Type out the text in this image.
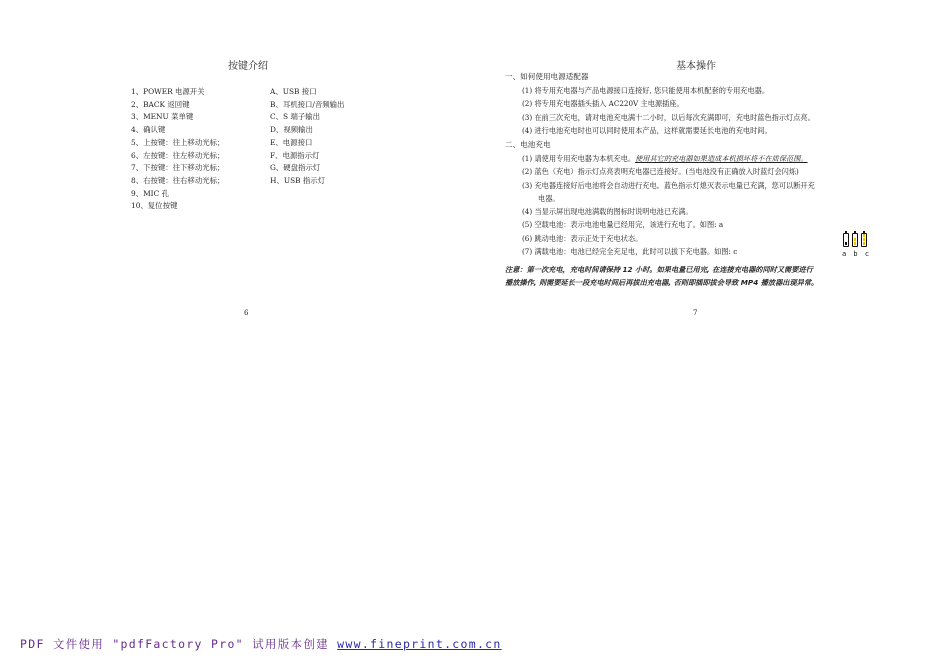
按键介绍
1、POWER 电源开关
2、BACK 返回键
3、MENU 菜单键
4、确认键
5、上按键：往上移动光标；
6、左按键：往左移动光标；
7、下按键：往下移动光标；
8、右按键：往右移动光标；
9、MIC 孔
10、复位按键
A、USB 接口
B、耳机接口/音频输出
C、S 端子输出
D、视频输出
E、电源接口
F、电源指示灯
G、硬盘指示灯
H、USB 指示灯
6
基本操作
一、如何使用电源适配器
(1) 将专用充电器与产品电源接口连接好, 您只能使用本机配套的专用充电器。
(2) 将专用充电器插头插入 AC220V 主电源插座。
(3) 在前三次充电，请对电池充电满十二小时，以后每次充满即可，充电时蓝色指示灯点亮。
(4) 进行电池充电时也可以同时使用本产品，这样就需要延长电池的充电时间。
二、电池充电
(1) 请使用专用充电器为本机充电。使用其它的充电器如果造成本机损坏将不在质保范围。
(2) 蓝色（充电）指示灯点亮表明充电器已连接好。(当电池没有正确放入时蓝灯会闪烁)
(3) 充电器连接好后电池将会自动进行充电。蓝色指示灯熄灭表示电量已充满，您可以断开充
电器。
(4) 当显示屏出现电池满载的图标时说明电池已充满。
(5) 空载电池：表示电池电量已经用完，该进行充电了。如图: a
(6) 跳动电池：表示正处于充电状态。
(7) 满载电池：电池已经完全充足电，此时可以拔下充电器。如图: c	a b c
注意：第一次充电，充电时间请保持 12 小时。如果电量已用完, 在连接充电器的同时又需要进行
播放操作, 则需要延长一段充电时间后再拔出充电器, 否则即插即拔会导致 MP4 播放器出现异常。
7
PDF 文件使用 "pdfFactory Pro" 试用版本创建 www.fineprint.com.cn
